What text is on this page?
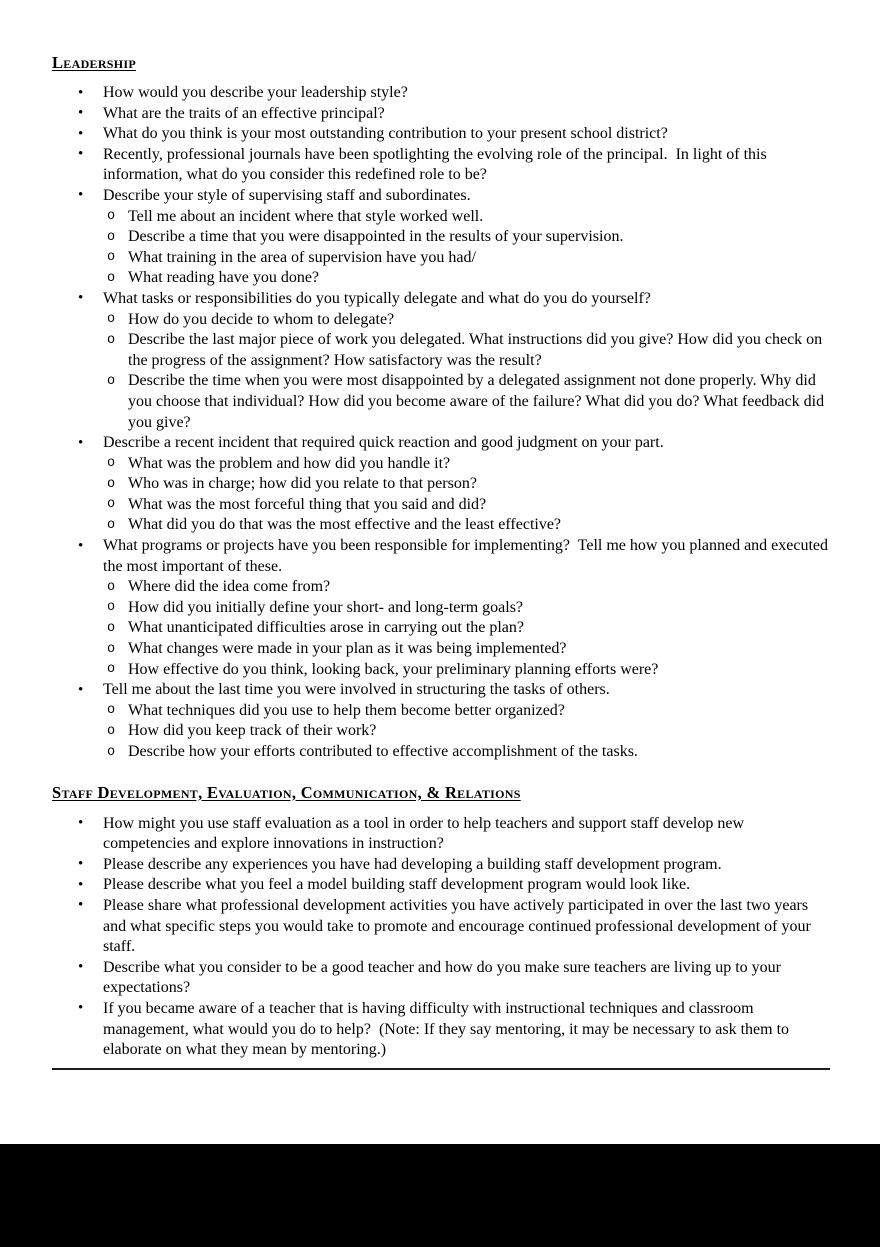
Leadership
• How would you describe your leadership style?
• What are the traits of an effective principal?
• What do you think is your most outstanding contribution to your present school district?
• Recently, professional journals have been spotlighting the evolving role of the principal.  In light of this information, what do you consider this redefined role to be?
• Describe your style of supervising staff and subordinates.
o Tell me about an incident where that style worked well.
o Describe a time that you were disappointed in the results of your supervision.
o What training in the area of supervision have you had/
o What reading have you done?
• What tasks or responsibilities do you typically delegate and what do you do yourself?
o How do you decide to whom to delegate?
o Describe the last major piece of work you delegated. What instructions did you give? How did you check on the progress of the assignment? How satisfactory was the result?
o Describe the time when you were most disappointed by a delegated assignment not done properly. Why did you choose that individual? How did you become aware of the failure? What did you do? What feedback did you give?
• Describe a recent incident that required quick reaction and good judgment on your part.
o What was the problem and how did you handle it?
o Who was in charge; how did you relate to that person?
o What was the most forceful thing that you said and did?
o What did you do that was the most effective and the least effective?
• What programs or projects have you been responsible for implementing?  Tell me how you planned and executed the most important of these.
o Where did the idea come from?
o How did you initially define your short- and long-term goals?
o What unanticipated difficulties arose in carrying out the plan?
o What changes were made in your plan as it was being implemented?
o How effective do you think, looking back, your preliminary planning efforts were?
• Tell me about the last time you were involved in structuring the tasks of others.
o What techniques did you use to help them become better organized?
o How did you keep track of their work?
o Describe how your efforts contributed to effective accomplishment of the tasks.
Staff Development, Evaluation, Communication, & Relations
• How might you use staff evaluation as a tool in order to help teachers and support staff develop new competencies and explore innovations in instruction?
• Please describe any experiences you have had developing a building staff development program.
• Please describe what you feel a model building staff development program would look like.
• Please share what professional development activities you have actively participated in over the last two years and what specific steps you would take to promote and encourage continued professional development of your staff.
• Describe what you consider to be a good teacher and how do you make sure teachers are living up to your expectations?
• If you became aware of a teacher that is having difficulty with instructional techniques and classroom management, what would you do to help?  (Note: If they say mentoring, it may be necessary to ask them to elaborate on what they mean by mentoring.)
